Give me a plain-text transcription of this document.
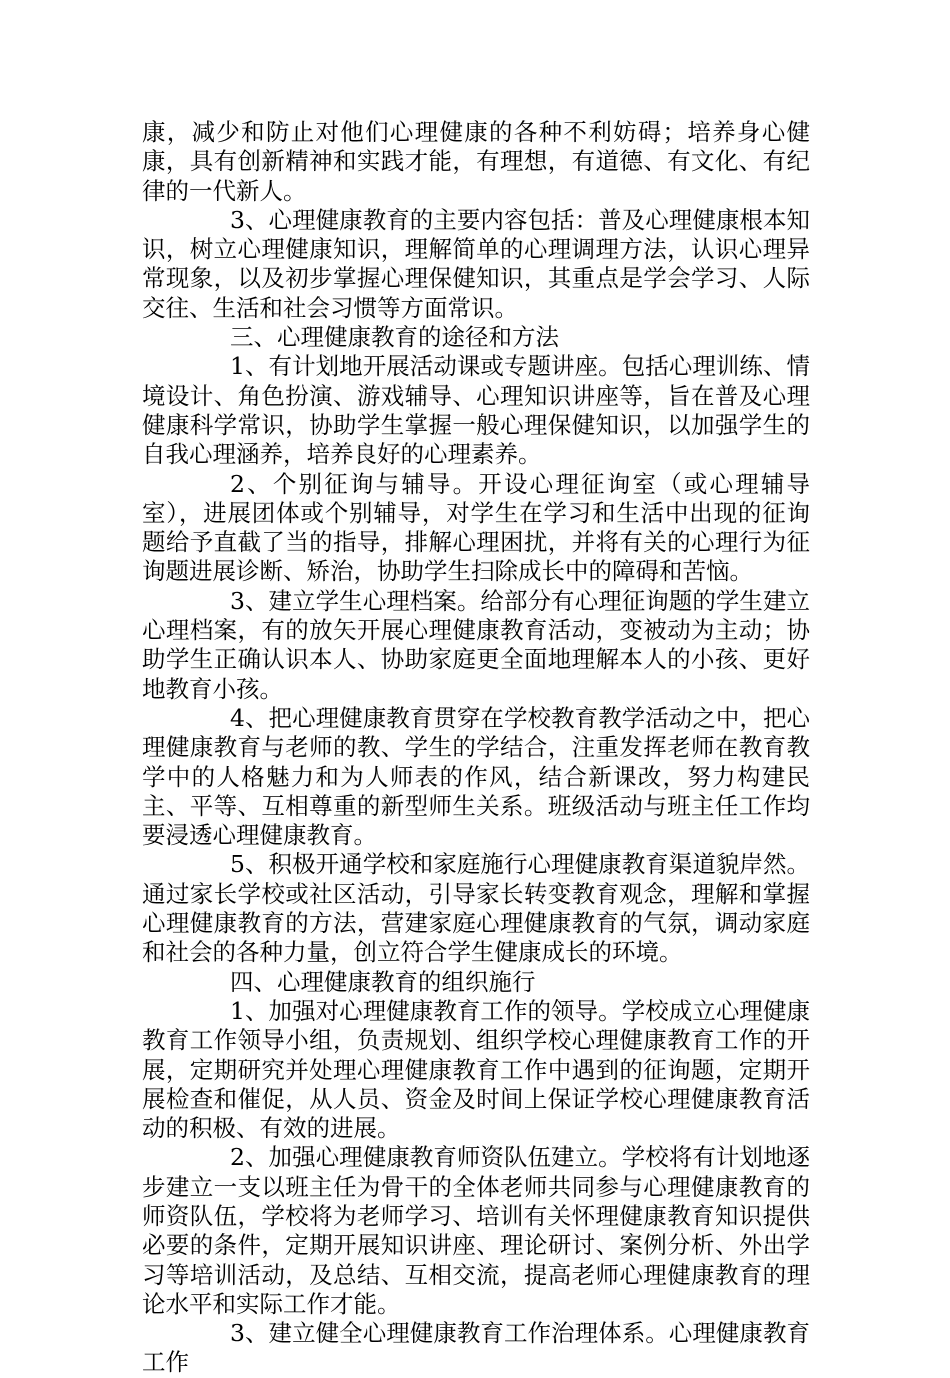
康，减少和防止对他们心理健康的各种不利妨碍；培养身心健康，具有创新精神和实践才能，有理想，有道德、有文化、有纪律的一代新人。

3、心理健康教育的主要内容包括：普及心理健康根本知识，树立心理健康知识，理解简单的心理调理方法，认识心理异常现象，以及初步掌握心理保健知识，其重点是学会学习、人际交往、生活和社会习惯等方面常识。

三、心理健康教育的途径和方法

1、有计划地开展活动课或专题讲座。包括心理训练、情境设计、角色扮演、游戏辅导、心理知识讲座等，旨在普及心理健康科学常识，协助学生掌握一般心理保健知识，以加强学生的自我心理涵养，培养良好的心理素养。

2、个别征询与辅导。开设心理征询室（或心理辅导室），进展团体或个别辅导，对学生在学习和生活中出现的征询题给予直截了当的指导，排解心理困扰，并将有关的心理行为征询题进展诊断、矫治，协助学生扫除成长中的障碍和苦恼。

3、建立学生心理档案。给部分有心理征询题的学生建立心理档案，有的放矢开展心理健康教育活动，变被动为主动；协助学生正确认识本人、协助家庭更全面地理解本人的小孩、更好地教育小孩。

4、把心理健康教育贯穿在学校教育教学活动之中，把心理健康教育与老师的教、学生的学结合，注重发挥老师在教育教学中的人格魅力和为人师表的作风，结合新课改，努力构建民主、平等、互相尊重的新型师生关系。班级活动与班主任工作均要浸透心理健康教育。

5、积极开通学校和家庭施行心理健康教育渠道貌岸然。通过家长学校或社区活动，引导家长转变教育观念，理解和掌握心理健康教育的方法，营建家庭心理健康教育的气氛，调动家庭和社会的各种力量，创立符合学生健康成长的环境。

四、心理健康教育的组织施行

1、加强对心理健康教育工作的领导。学校成立心理健康教育工作领导小组，负责规划、组织学校心理健康教育工作的开展，定期研究并处理心理健康教育工作中遇到的征询题，定期开展检查和催促，从人员、资金及时间上保证学校心理健康教育活动的积极、有效的进展。

2、加强心理健康教育师资队伍建立。学校将有计划地逐步建立一支以班主任为骨干的全体老师共同参与心理健康教育的师资队伍，学校将为老师学习、培训有关怀理健康教育知识提供必要的条件，定期开展知识讲座、理论研讨、案例分析、外出学习等培训活动，及总结、互相交流，提高老师心理健康教育的理论水平和实际工作才能。

3、建立健全心理健康教育工作治理体系。心理健康教育工作
